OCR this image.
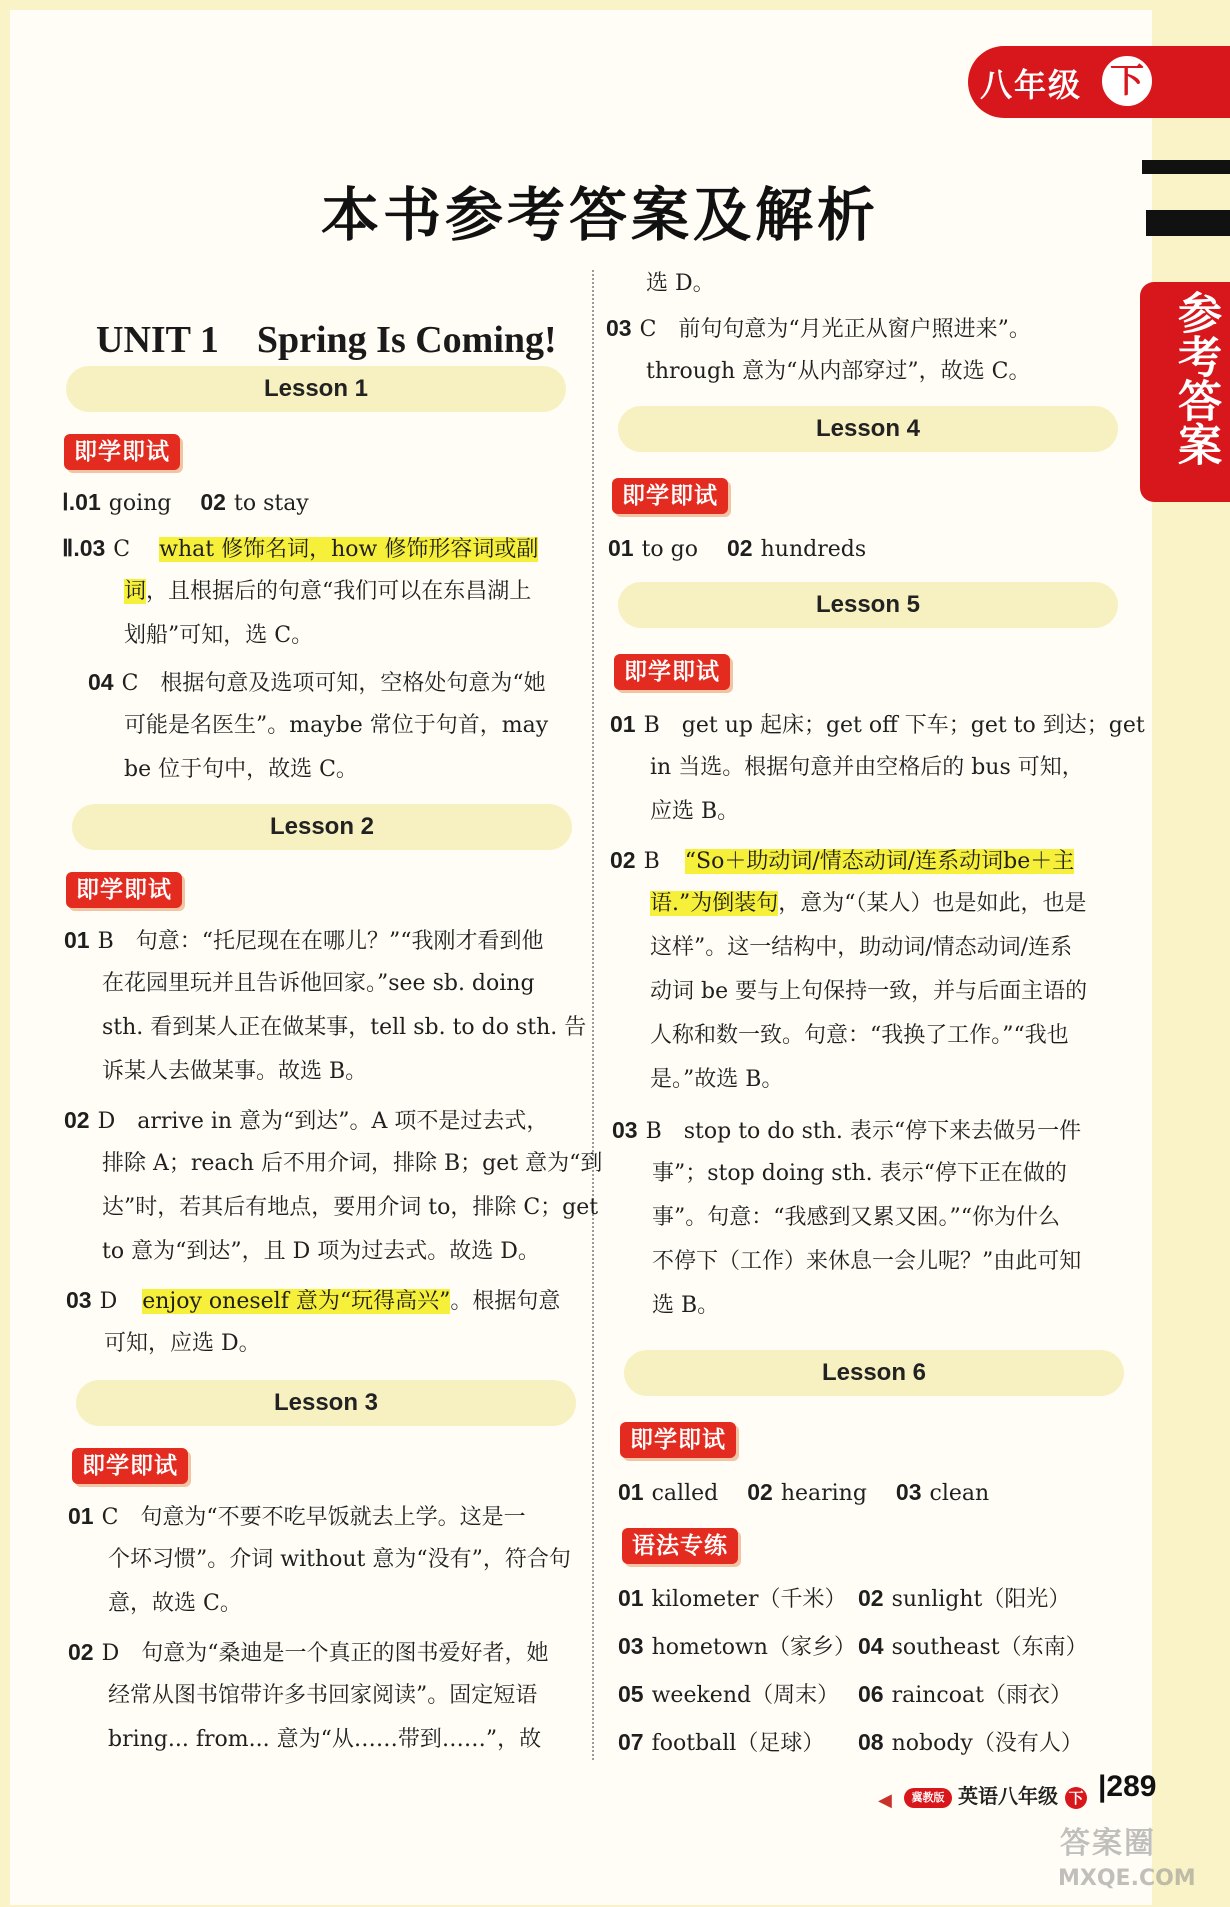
八年级 下
参考答案
本书参考答案及解析
UNIT 1　Spring Is Coming!
Lesson 1
即学即试
Ⅰ.01 going 02 to stay
Ⅱ.03 C what 修饰名词，how 修饰形容词或副
词，且根据后的句意“我们可以在东昌湖上
划船”可知，选 C。
04 C　根据句意及选项可知，空格处句意为“她
可能是名医生”。maybe 常位于句首，may
be 位于句中，故选 C。
Lesson 2
即学即试
01 B　句意：“托尼现在在哪儿？”“我刚才看到他
在花园里玩并且告诉他回家。”see sb. doing
sth. 看到某人正在做某事，tell sb. to do sth. 告
诉某人去做某事。故选 B。
02 D　arrive in 意为“到达”。A 项不是过去式，
排除 A；reach 后不用介词，排除 B；get 意为“到
达”时，若其后有地点，要用介词 to，排除 C；get
to 意为“到达”，且 D 项为过去式。故选 D。
03 D enjoy oneself 意为“玩得高兴”。根据句意
可知，应选 D。
Lesson 3
即学即试
01 C　句意为“不要不吃早饭就去上学。这是一
个坏习惯”。介词 without 意为“没有”，符合句
意，故选 C。
02 D　句意为“桑迪是一个真正的图书爱好者，她
经常从图书馆带许多书回家阅读”。固定短语
bring... from... 意为“从……带到……”，故
选 D。
03 C　前句句意为“月光正从窗户照进来”。
through 意为“从内部穿过”，故选 C。
Lesson 4
即学即试
01 to go 02 hundreds
Lesson 5
即学即试
01 B　get up 起床；get off 下车；get to 到达；get
in 当选。根据句意并由空格后的 bus 可知，
应选 B。
02 B “So＋助动词/情态动词/连系动词be＋主
语.”为倒装句，意为“（某人）也是如此，也是
这样”。这一结构中，助动词/情态动词/连系
动词 be 要与上句保持一致，并与后面主语的
人称和数一致。句意：“我换了工作。”“我也
是。”故选 B。
03 B　stop to do sth. 表示“停下来去做另一件
事”；stop doing sth. 表示“停下正在做的
事”。句意：“我感到又累又困。”“你为什么
不停下（工作）来休息一会儿呢？”由此可知
选 B。
Lesson 6
即学即试
01 called 02 hearing 03 clean
语法专练
01 kilometer（千米） 02 sunlight（阳光）
03 hometown（家乡） 04 southeast（东南）
05 weekend（周末） 06 raincoat（雨衣）
07 football（足球） 08 nobody（没有人）
◀	冀教版 英语八年级 下 |289
答案圈
MXQE.COM
